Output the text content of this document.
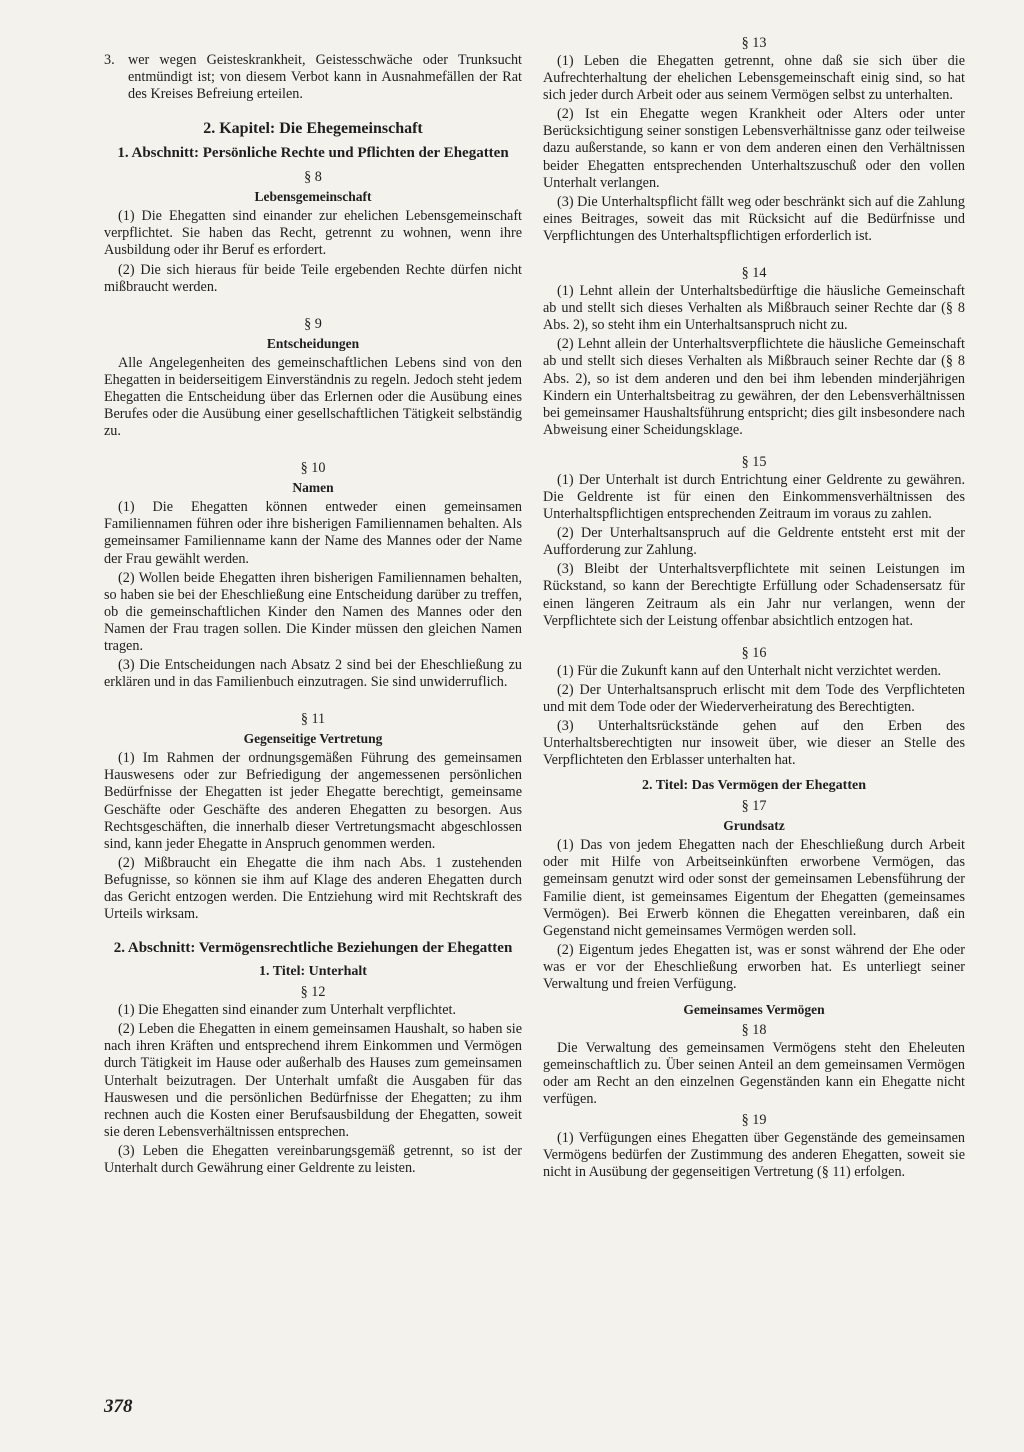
3. wer wegen Geisteskrankheit, Geistesschwäche oder Trunksucht entmündigt ist; von diesem Verbot kann in Ausnahmefällen der Rat des Kreises Befreiung erteilen.
2. Kapitel: Die Ehegemeinschaft
1. Abschnitt: Persönliche Rechte und Pflichten der Ehegatten
§ 8
Lebensgemeinschaft

(1) Die Ehegatten sind einander zur ehelichen Lebensgemeinschaft verpflichtet. Sie haben das Recht, getrennt zu wohnen, wenn ihre Ausbildung oder ihr Beruf es erfordert.

(2) Die sich hieraus für beide Teile ergebenden Rechte dürfen nicht mißbraucht werden.

§ 9
Entscheidungen

Alle Angelegenheiten des gemeinschaftlichen Lebens sind von den Ehegatten in beiderseitigem Einverständnis zu regeln. Jedoch steht jedem Ehegatten die Entscheidung über das Erlernen oder die Ausübung eines Berufes oder die Ausübung einer gesellschaftlichen Tätigkeit selbständig zu.

§ 10
Namen

(1) Die Ehegatten können entweder einen gemeinsamen Familiennamen führen oder ihre bisherigen Familiennamen behalten. Als gemeinsamer Familienname kann der Name des Mannes oder der Name der Frau gewählt werden.

(2) Wollen beide Ehegatten ihren bisherigen Familiennamen behalten, so haben sie bei der Eheschließung eine Entscheidung darüber zu treffen, ob die gemeinschaftlichen Kinder den Namen des Mannes oder den Namen der Frau tragen sollen. Die Kinder müssen den gleichen Namen tragen.

(3) Die Entscheidungen nach Absatz 2 sind bei der Eheschließung zu erklären und in das Familienbuch einzutragen. Sie sind unwiderruflich.

§ 11
Gegenseitige Vertretung

(1) Im Rahmen der ordnungsgemäßen Führung des gemeinsamen Hauswesens oder zur Befriedigung der angemessenen persönlichen Bedürfnisse der Ehegatten ist jeder Ehegatte berechtigt, gemeinsame Geschäfte oder Geschäfte des anderen Ehegatten zu besorgen. Aus Rechtsgeschäften, die innerhalb dieser Vertretungsmacht abgeschlossen sind, kann jeder Ehegatte in Anspruch genommen werden.

(2) Mißbraucht ein Ehegatte die ihm nach Abs. 1 zustehenden Befugnisse, so können sie ihm auf Klage des anderen Ehegatten durch das Gericht entzogen werden. Die Entziehung wird mit Rechtskraft des Urteils wirksam.

2. Abschnitt: Vermögensrechtliche Beziehungen der Ehegatten
1. Titel: Unterhalt
§ 12

(1) Die Ehegatten sind einander zum Unterhalt verpflichtet.

(2) Leben die Ehegatten in einem gemeinsamen Haushalt, so haben sie nach ihren Kräften und entsprechend ihrem Einkommen und Vermögen durch Tätigkeit im Hause oder außerhalb des Hauses zum gemeinsamen Unterhalt beizutragen. Der Unterhalt umfaßt die Ausgaben für das Hauswesen und die persönlichen Bedürfnisse der Ehegatten; zu ihm rechnen auch die Kosten einer Berufsausbildung der Ehegatten, soweit sie deren Lebensverhältnissen entsprechen.

(3) Leben die Ehegatten vereinbarungsgemäß getrennt, so ist der Unterhalt durch Gewährung einer Geldrente zu leisten.

§ 13

(1) Leben die Ehegatten getrennt, ohne daß sie sich über die Aufrechterhaltung der ehelichen Lebensgemeinschaft einig sind, so hat sich jeder durch Arbeit oder aus seinem Vermögen selbst zu unterhalten.

(2) Ist ein Ehegatte wegen Krankheit oder Alters oder unter Berücksichtigung seiner sonstigen Lebensverhältnisse ganz oder teilweise dazu außerstande, so kann er von dem anderen einen den Verhältnissen beider Ehegatten entsprechenden Unterhaltszuschuß oder den vollen Unterhalt verlangen.

(3) Die Unterhaltspflicht fällt weg oder beschränkt sich auf die Zahlung eines Beitrages, soweit das mit Rücksicht auf die Bedürfnisse und Verpflichtungen des Unterhaltspflichtigen erforderlich ist.

§ 14

(1) Lehnt allein der Unterhaltsbedürftige die häusliche Gemeinschaft ab und stellt sich dieses Verhalten als Mißbrauch seiner Rechte dar (§ 8 Abs. 2), so steht ihm ein Unterhaltsanspruch nicht zu.

(2) Lehnt allein der Unterhaltsverpflichtete die häusliche Gemeinschaft ab und stellt sich dieses Verhalten als Mißbrauch seiner Rechte dar (§ 8 Abs. 2), so ist dem anderen und den bei ihm lebenden minderjährigen Kindern ein Unterhaltsbeitrag zu gewähren, der den Lebensverhältnissen bei gemeinsamer Haushaltsführung entspricht; dies gilt insbesondere nach Abweisung einer Scheidungsklage.

§ 15

(1) Der Unterhalt ist durch Entrichtung einer Geldrente zu gewähren. Die Geldrente ist für einen den Einkommensverhältnissen des Unterhaltspflichtigen entsprechenden Zeitraum im voraus zu zahlen.

(2) Der Unterhaltsanspruch auf die Geldrente entsteht erst mit der Aufforderung zur Zahlung.

(3) Bleibt der Unterhaltsverpflichtete mit seinen Leistungen im Rückstand, so kann der Berechtigte Erfüllung oder Schadensersatz für einen längeren Zeitraum als ein Jahr nur verlangen, wenn der Verpflichtete sich der Leistung offenbar absichtlich entzogen hat.

§ 16

(1) Für die Zukunft kann auf den Unterhalt nicht verzichtet werden.

(2) Der Unterhaltsanspruch erlischt mit dem Tode des Verpflichteten und mit dem Tode oder der Wiederverheiratung des Berechtigten.

(3) Unterhaltsrückstände gehen auf den Erben des Unterhaltsberechtigten nur insoweit über, wie dieser an Stelle des Verpflichteten den Erblasser unterhalten hat.

2. Titel: Das Vermögen der Ehegatten
§ 17
Grundsatz

(1) Das von jedem Ehegatten nach der Eheschließung durch Arbeit oder mit Hilfe von Arbeitseinkünften erworbene Vermögen, das gemeinsam genutzt wird oder sonst der gemeinsamen Lebensführung der Familie dient, ist gemeinsames Eigentum der Ehegatten (gemeinsames Vermögen). Bei Erwerb können die Ehegatten vereinbaren, daß ein Gegenstand nicht gemeinsames Vermögen werden soll.

(2) Eigentum jedes Ehegatten ist, was er sonst während der Ehe oder was er vor der Eheschließung erworben hat. Es unterliegt seiner Verwaltung und freien Verfügung.

Gemeinsames Vermögen
§ 18

Die Verwaltung des gemeinsamen Vermögens steht den Eheleuten gemeinschaftlich zu. Über seinen Anteil an dem gemeinsamen Vermögen oder am Recht an den einzelnen Gegenständen kann ein Ehegatte nicht verfügen.

§ 19

(1) Verfügungen eines Ehegatten über Gegenstände des gemeinsamen Vermögens bedürfen der Zustimmung des anderen Ehegatten, soweit sie nicht in Ausübung der gegenseitigen Vertretung (§ 11) erfolgen.

378
